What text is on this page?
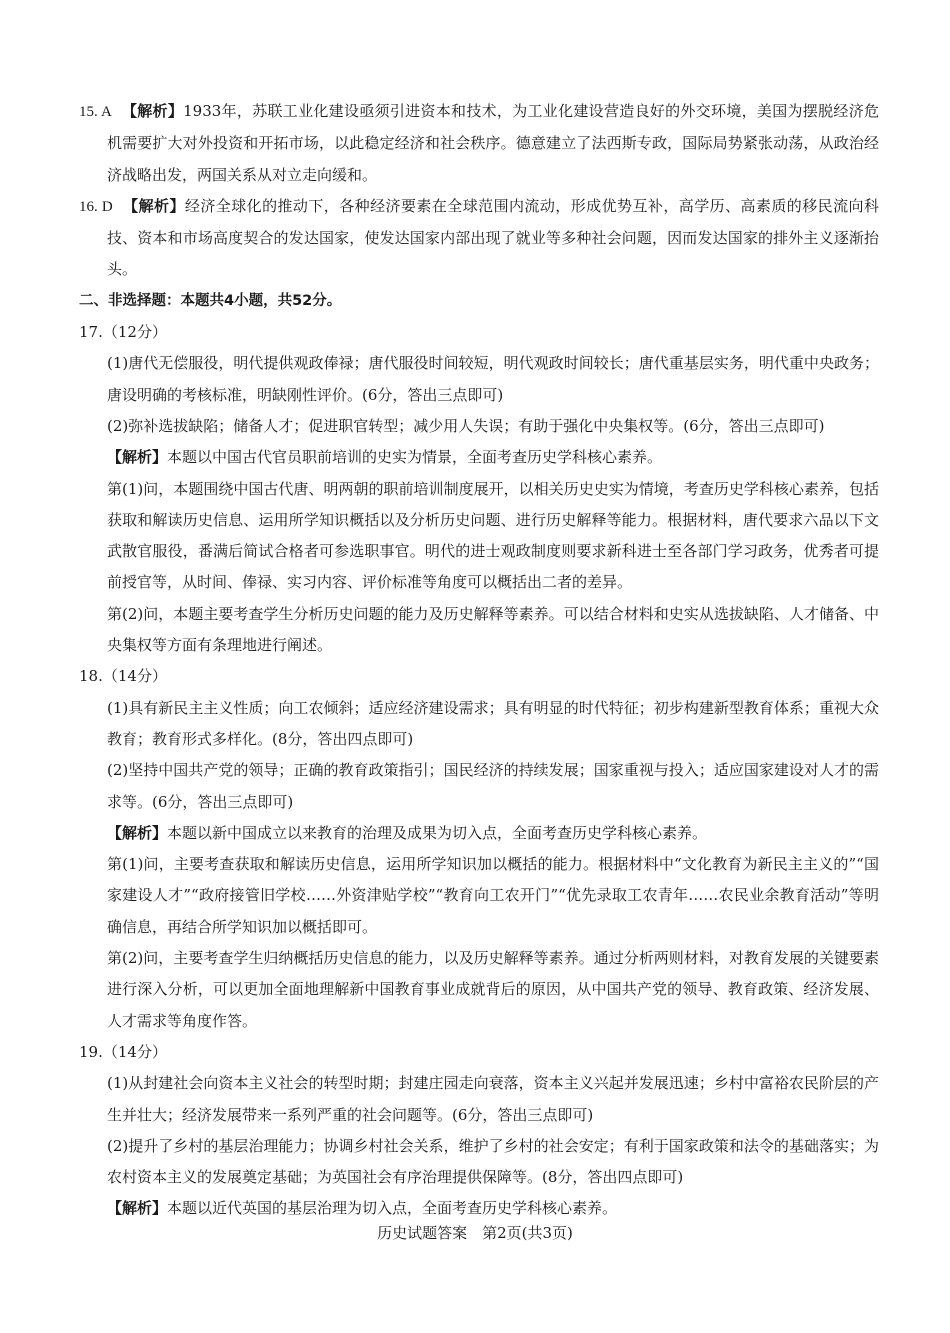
15. A 【解析】1933年，苏联工业化建设亟须引进资本和技术，为工业化建设营造良好的外交环境，美国为摆脱经济危机需要扩大对外投资和开拓市场，以此稳定经济和社会秩序。德意建立了法西斯专政，国际局势紧张动荡，从政治经济战略出发，两国关系从对立走向缓和。

16. D 【解析】经济全球化的推动下，各种经济要素在全球范围内流动，形成优势互补，高学历、高素质的移民流向科技、资本和市场高度契合的发达国家，使发达国家内部出现了就业等多种社会问题，因而发达国家的排外主义逐渐抬头。

二、非选择题：本题共4小题，共52分。

17.（12分）

(1)唐代无偿服役，明代提供观政俸禄；唐代服役时间较短，明代观政时间较长；唐代重基层实务，明代重中央政务；唐设明确的考核标准，明缺刚性评价。(6分，答出三点即可)

(2)弥补选拔缺陷；储备人才；促进职官转型；减少用人失误；有助于强化中央集权等。(6分，答出三点即可)

【解析】本题以中国古代官员职前培训的史实为情景，全面考查历史学科核心素养。

第(1)问，本题围绕中国古代唐、明两朝的职前培训制度展开，以相关历史史实为情境，考查历史学科核心素养，包括获取和解读历史信息、运用所学知识概括以及分析历史问题、进行历史解释等能力。根据材料，唐代要求六品以下文武散官服役，番满后简试合格者可参选职事官。明代的进士观政制度则要求新科进士至各部门学习政务，优秀者可提前授官等，从时间、俸禄、实习内容、评价标准等角度可以概括出二者的差异。

第(2)问，本题主要考查学生分析历史问题的能力及历史解释等素养。可以结合材料和史实从选拔缺陷、人才储备、中央集权等方面有条理地进行阐述。

18.（14分）

(1)具有新民主主义性质；向工农倾斜；适应经济建设需求；具有明显的时代特征；初步构建新型教育体系；重视大众教育；教育形式多样化。(8分，答出四点即可)

(2)坚持中国共产党的领导；正确的教育政策指引；国民经济的持续发展；国家重视与投入；适应国家建设对人才的需求等。(6分，答出三点即可)

【解析】本题以新中国成立以来教育的治理及成果为切入点，全面考查历史学科核心素养。

第(1)问，主要考查获取和解读历史信息，运用所学知识加以概括的能力。根据材料中“文化教育为新民主主义的”“国家建设人才”“政府接管旧学校……外资津贴学校”“教育向工农开门”“优先录取工农青年……农民业余教育活动”等明确信息，再结合所学知识加以概括即可。

第(2)问，主要考查学生归纳概括历史信息的能力，以及历史解释等素养。通过分析两则材料，对教育发展的关键要素进行深入分析，可以更加全面地理解新中国教育事业成就背后的原因，从中国共产党的领导、教育政策、经济发展、人才需求等角度作答。

19.（14分）

(1)从封建社会向资本主义社会的转型时期；封建庄园走向衰落，资本主义兴起并发展迅速；乡村中富裕农民阶层的产生并壮大；经济发展带来一系列严重的社会问题等。(6分，答出三点即可)

(2)提升了乡村的基层治理能力；协调乡村社会关系，维护了乡村的社会安定；有利于国家政策和法令的基础落实；为农村资本主义的发展奠定基础；为英国社会有序治理提供保障等。(8分，答出四点即可)

【解析】本题以近代英国的基层治理为切入点，全面考查历史学科核心素养。

历史试题答案　第2页(共3页)
